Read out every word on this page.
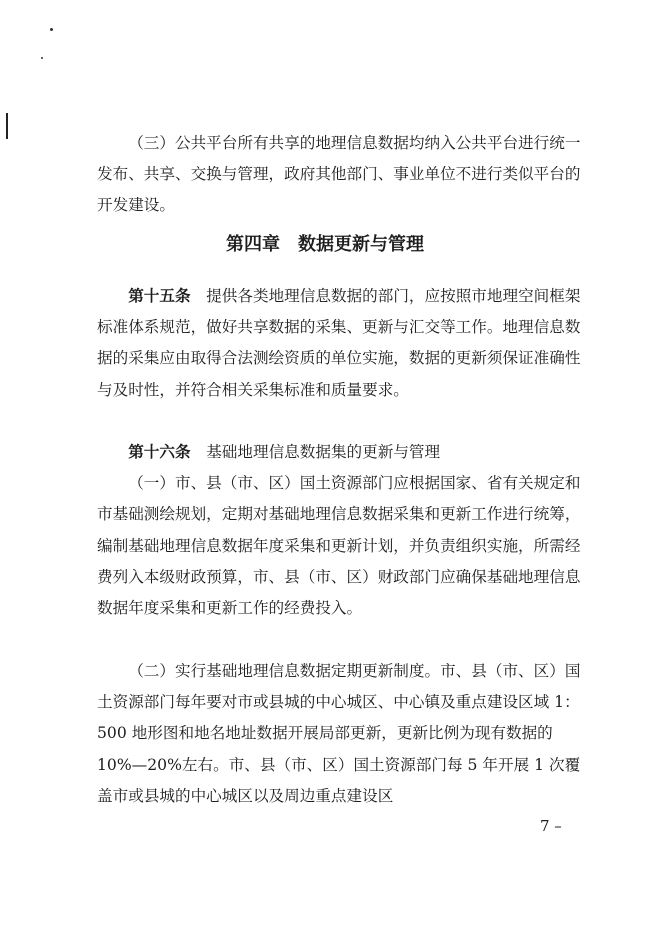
（三）公共平台所有共享的地理信息数据均纳入公共平台进行统一发布、共享、交换与管理，政府其他部门、事业单位不进行类似平台的开发建设。

第四章　数据更新与管理

第十五条　 提供各类地理信息数据的部门，应按照市地理空间框架标准体系规范，做好共享数据的采集、更新与汇交等工作。地理信息数据的采集应由取得合法测绘资质的单位实施，数据的更新须保证准确性与及时性，并符合相关采集标准和质量要求。

第十六条　 基础地理信息数据集的更新与管理

（一）市、县（市、区）国土资源部门应根据国家、省有关规定和市基础测绘规划，定期对基础地理信息数据采集和更新工作进行统筹，编制基础地理信息数据年度采集和更新计划，并负责组织实施，所需经费列入本级财政预算，市、县（市、区）财政部门应确保基础地理信息数据年度采集和更新工作的经费投入。

（二）实行基础地理信息数据定期更新制度。市、县（市、区）国土资源部门每年要对市或县城的中心城区、中心镇及重点建设区域 1：500 地形图和地名地址数据开展局部更新，更新比例为现有数据的 10%—20%左右。市、县（市、区）国土资源部门每 5 年开展 1 次覆盖市或县城的中心城区以及周边重点建设区

7 –
